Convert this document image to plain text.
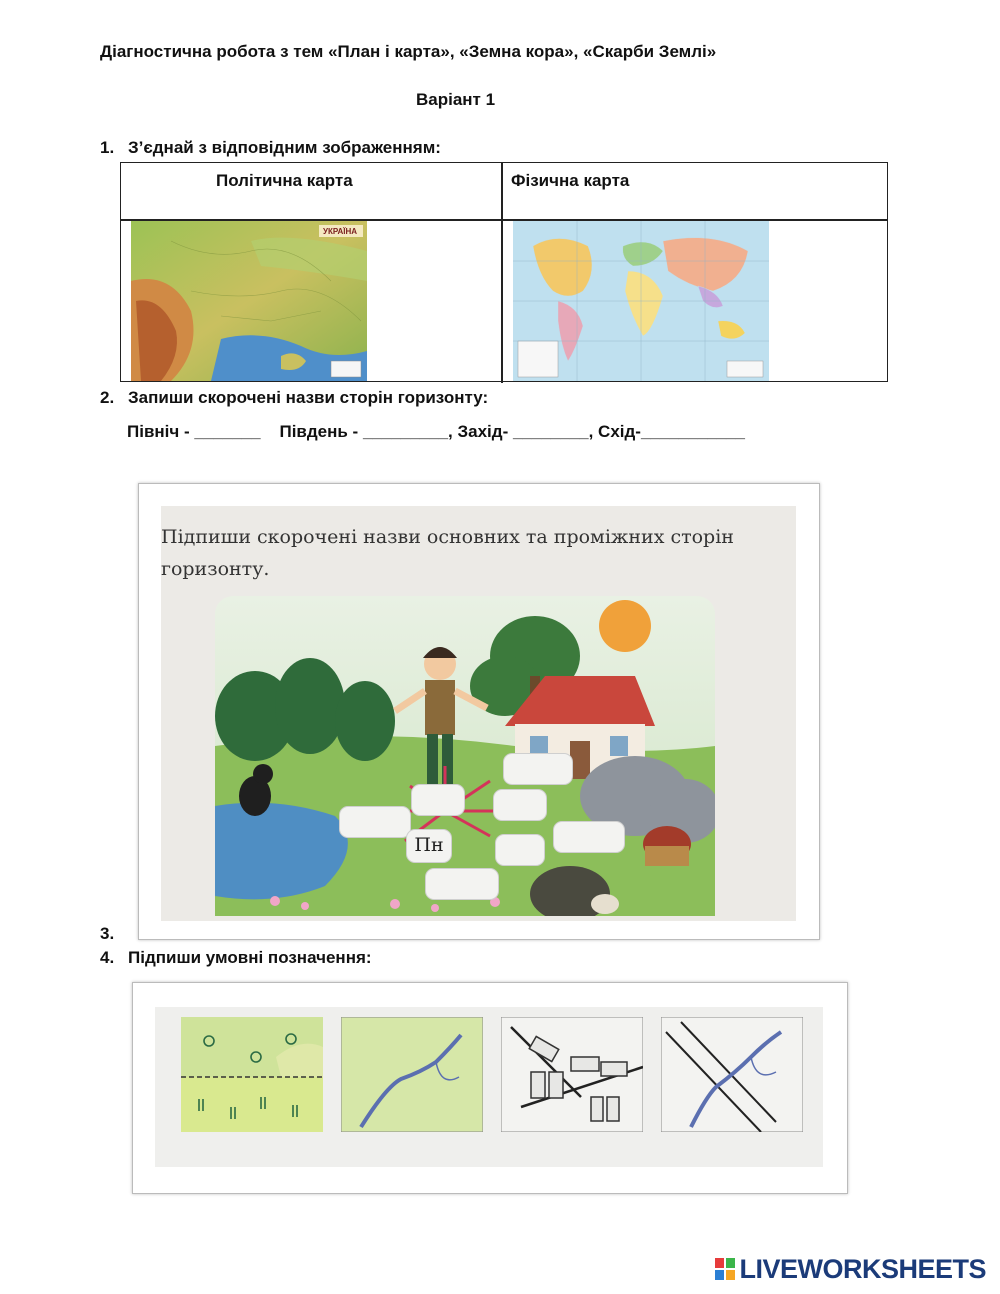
Діагностична робота з тем «План і карта», «Земна кора», «Скарби Землі»
Варіант 1
1. З’єднай з відповідним зображенням:
Політична карта	Фізична карта
УКРАЇНА
2. Запиши скорочені назви сторін горизонту:
Північ - _______ Південь - _________, Захід- ________, Схід-___________
Підпиши скорочені назви основних та проміжних сторін
горизонту.
Пн
3.
4. Підпиши умовні позначення:
LIVEWORKSHEETS
